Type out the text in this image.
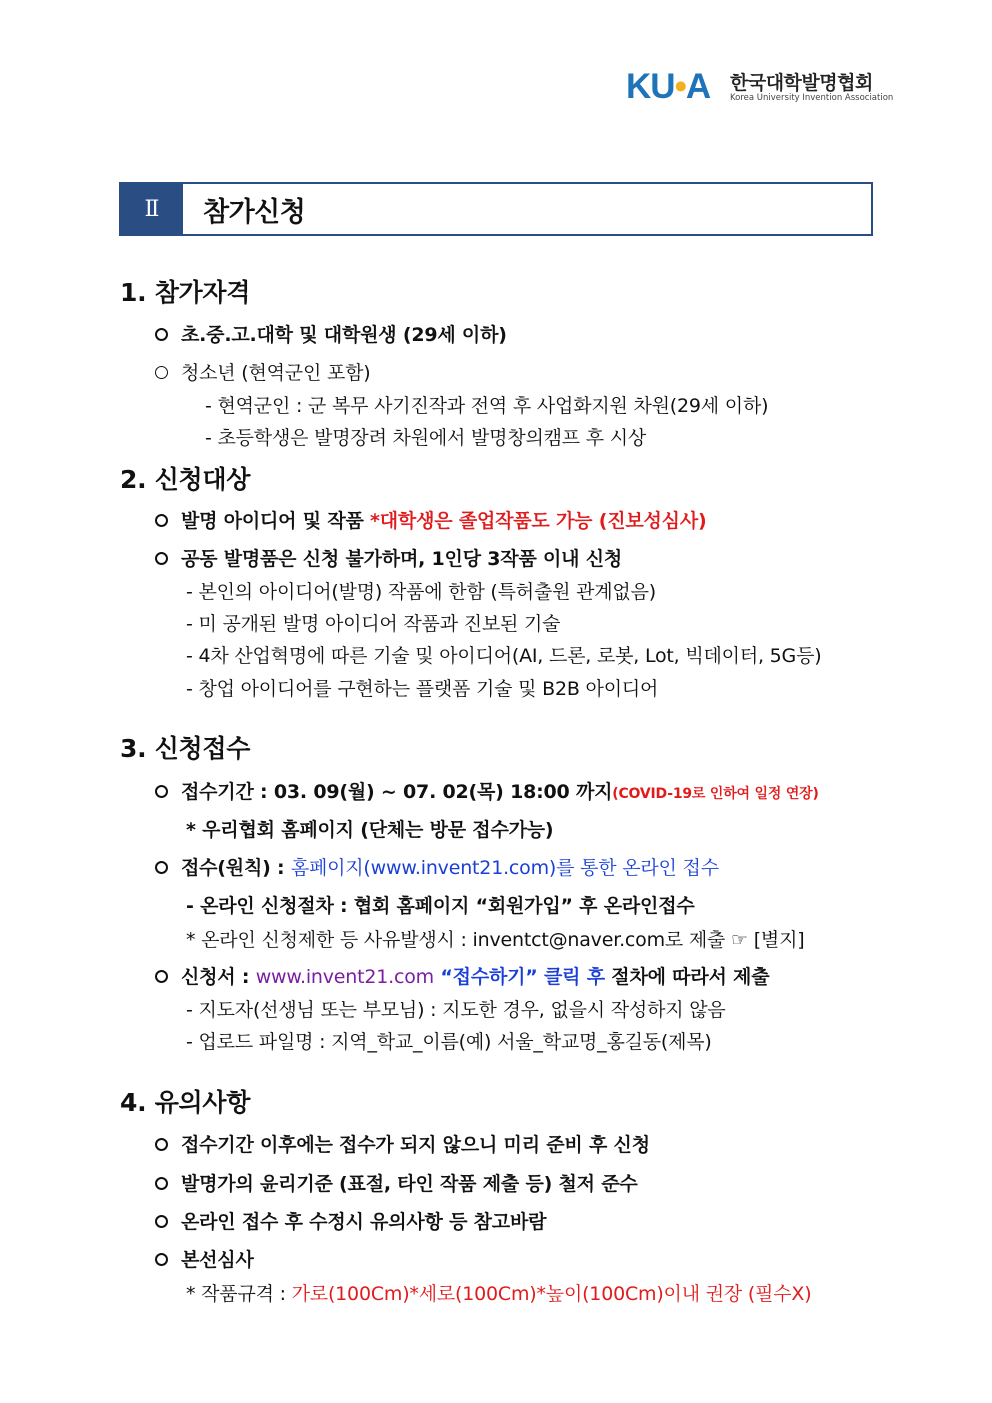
KU•A 한국대학발명협회
Korea University Invention Association
Ⅱ	참가신청
1. 참가자격
초.중.고.대학 및 대학원생 (29세 이하)
청소년 (현역군인 포함)
- 현역군인 : 군 복무 사기진작과 전역 후 사업화지원 차원(29세 이하)
- 초등학생은 발명장려 차원에서 발명창의캠프 후 시상
2. 신청대상
발명 아이디어 및 작품 *대학생은 졸업작품도 가능 (진보성심사)
공동 발명품은 신청 불가하며, 1인당 3작품 이내 신청
- 본인의 아이디어(발명) 작품에 한함 (특허출원 관계없음)
- 미 공개된 발명 아이디어 작품과 진보된 기술
- 4차 산업혁명에 따른 기술 및 아이디어(AI, 드론, 로봇, Lot, 빅데이터, 5G등)
- 창업 아이디어를 구현하는 플랫폼 기술 및 B2B 아이디어
3. 신청접수
접수기간 : 03. 09(월) ~ 07. 02(목) 18:00 까지(COVID-19로 인하여 일정 연장)
* 우리협회 홈페이지 (단체는 방문 접수가능)
접수(원칙) : 홈페이지(www.invent21.com)를 통한 온라인 접수
- 온라인 신청절차 : 협회 홈페이지 “회원가입” 후 온라인접수
* 온라인 신청제한 등 사유발생시 : inventct@naver.com로 제출 ☞ [별지]
신청서 : www.invent21.com “접수하기” 클릭 후 절차에 따라서 제출
- 지도자(선생님 또는 부모님) : 지도한 경우, 없을시 작성하지 않음
- 업로드 파일명 : 지역_학교_이름(예) 서울_학교명_홍길동(제목)
4. 유의사항
접수기간 이후에는 접수가 되지 않으니 미리 준비 후 신청
발명가의 윤리기준 (표절, 타인 작품 제출 등) 철저 준수
온라인 접수 후 수정시 유의사항 등 참고바람
본선심사
* 작품규격 : 가로(100Cm)*세로(100Cm)*높이(100Cm)이내 권장 (필수X)
